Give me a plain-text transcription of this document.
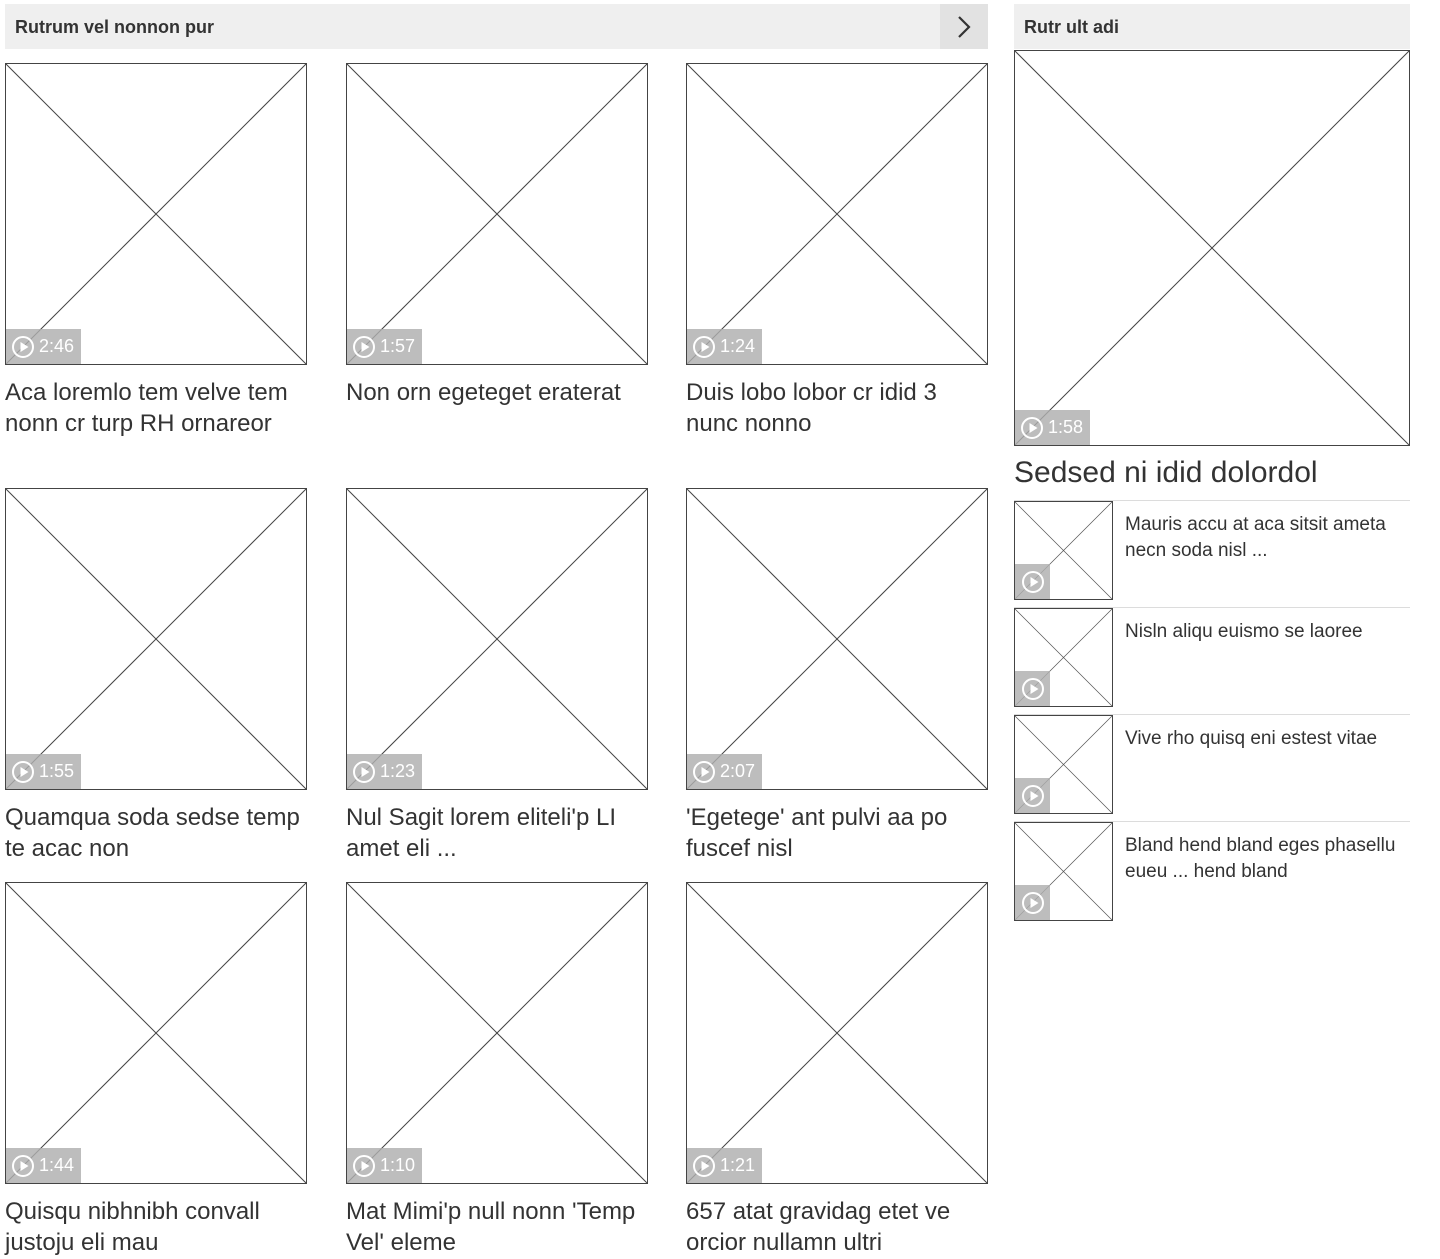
Rutrum vel nonnon pur	Rutr ult adi
2:46
Aca loremlo tem velve tem nonn cr turp RH ornareor
1:57
Non orn egeteget eraterat
1:24
Duis lobo lobor cr idid 3 nunc nonno
1:55
Quamqua soda sedse temp te acac non
1:23
Nul Sagit lorem eliteli'p LI amet eli ...
2:07
'Egetege' ant pulvi aa po fuscef nisl
1:44
Quisqu nibhnibh convall justoju eli mau
1:10
Mat Mimi'p null nonn 'Temp Vel' eleme
1:21
657 atat gravidag etet ve orcior nullamn ultri
1:58
Sedsed ni idid dolordol
Mauris accu at aca sitsit ameta necn soda nisl ...
Nisln aliqu euismo se laoree
Vive rho quisq eni estest vitae
Bland hend bland eges phasellu eueu ... hend bland
